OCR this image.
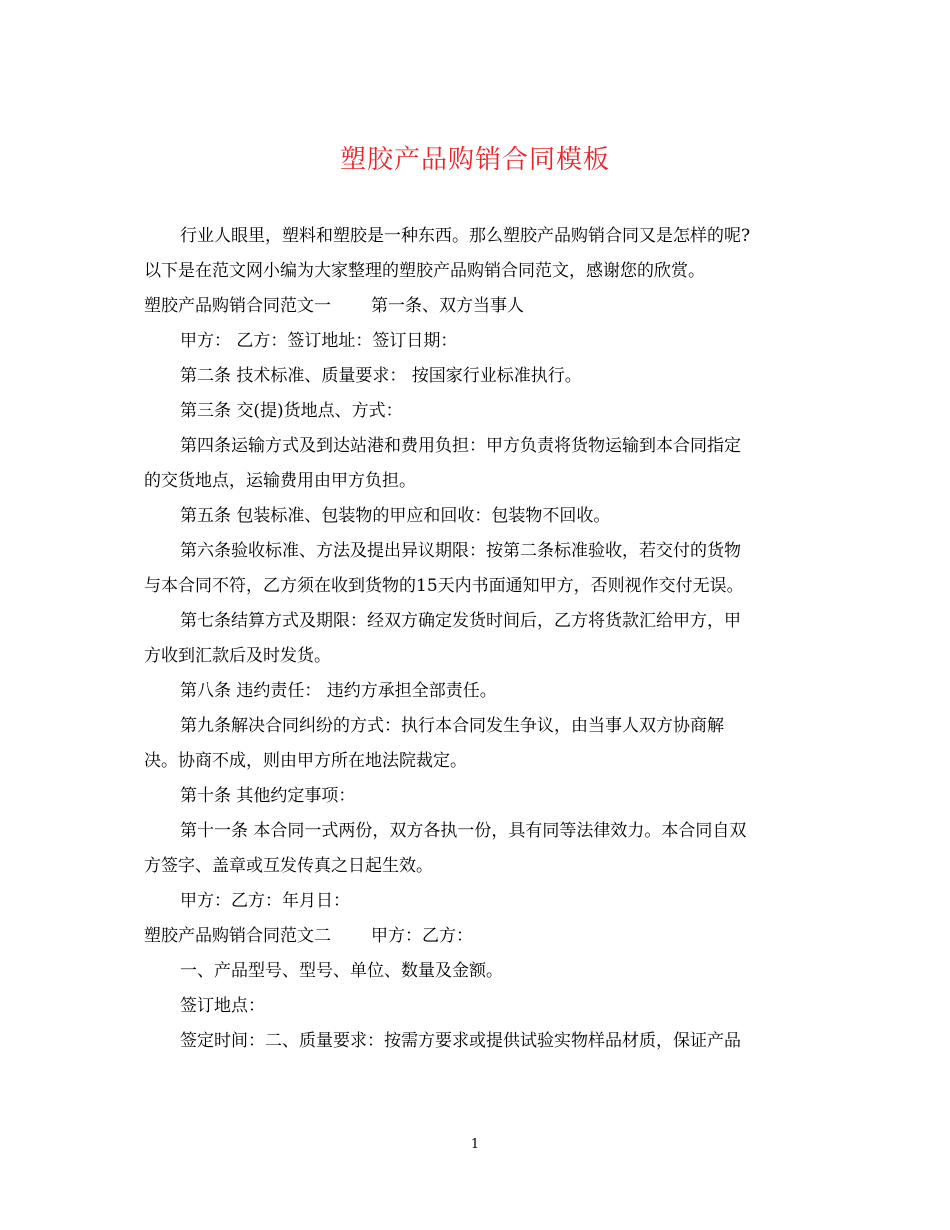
塑胶产品购销合同模板
行业人眼里，塑料和塑胶是一种东西。那么塑胶产品购销合同又是怎样的呢?
以下是在范文网小编为大家整理的塑胶产品购销合同范文，感谢您的欣赏。
塑胶产品购销合同范文一 第一条、双方当事人
甲方： 乙方：签订地址：签订日期：
第二条 技术标准、质量要求： 按国家行业标准执行。
第三条 交(提)货地点、方式：
第四条运输方式及到达站港和费用负担：甲方负责将货物运输到本合同指定
的交货地点，运输费用由甲方负担。
第五条 包装标准、包装物的甲应和回收：包装物不回收。
第六条验收标准、方法及提出异议期限：按第二条标准验收，若交付的货物
与本合同不符，乙方须在收到货物的15天内书面通知甲方，否则视作交付无误。
第七条结算方式及期限：经双方确定发货时间后，乙方将货款汇给甲方，甲
方收到汇款后及时发货。
第八条 违约责任： 违约方承担全部责任。
第九条解决合同纠纷的方式：执行本合同发生争议，由当事人双方协商解
决。协商不成，则由甲方所在地法院裁定。
第十条 其他约定事项：
第十一条 本合同一式两份，双方各执一份，具有同等法律效力。本合同自双
方签字、盖章或互发传真之日起生效。
甲方：乙方：年月日：
塑胶产品购销合同范文二 甲方：乙方：
一、产品型号、型号、单位、数量及金额。
签订地点：
签定时间：二、质量要求：按需方要求或提供试验实物样品材质，保证产品
1
